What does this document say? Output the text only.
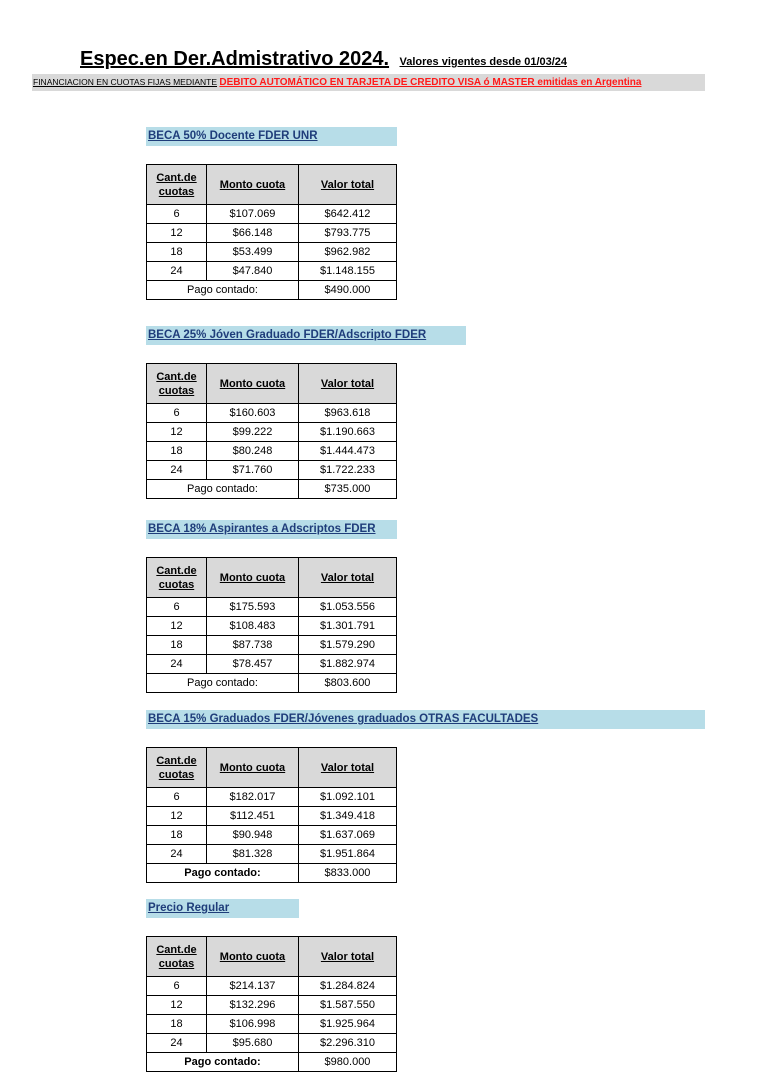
Espec.en Der.Admistrativo 2024. Valores vigentes desde 01/03/24
FINANCIACION EN CUOTAS FIJAS MEDIANTE DEBITO AUTOMÁTICO EN TARJETA DE CREDITO VISA ó MASTER emitidas en Argentina
BECA 50% Docente FDER UNR
Cant.de
cuotas	Monto cuota	Valor total
6	$107.069	$642.412
12	$66.148	$793.775
18	$53.499	$962.982
24	$47.840	$1.148.155
Pago contado:		$490.000
BECA 25% Jóven Graduado FDER/Adscripto FDER
Cant.de
cuotas	Monto cuota	Valor total
6	$160.603	$963.618
12	$99.222	$1.190.663
18	$80.248	$1.444.473
24	$71.760	$1.722.233
Pago contado:		$735.000
BECA 18% Aspirantes a Adscriptos FDER
Cant.de
cuotas	Monto cuota	Valor total
6	$175.593	$1.053.556
12	$108.483	$1.301.791
18	$87.738	$1.579.290
24	$78.457	$1.882.974
Pago contado:		$803.600
BECA 15% Graduados FDER/Jóvenes graduados OTRAS FACULTADES
Cant.de
cuotas	Monto cuota	Valor total
6	$182.017	$1.092.101
12	$112.451	$1.349.418
18	$90.948	$1.637.069
24	$81.328	$1.951.864
Pago contado:		$833.000
Precio Regular
Cant.de
cuotas	Monto cuota	Valor total
6	$214.137	$1.284.824
12	$132.296	$1.587.550
18	$106.998	$1.925.964
24	$95.680	$2.296.310
Pago contado:		$980.000
